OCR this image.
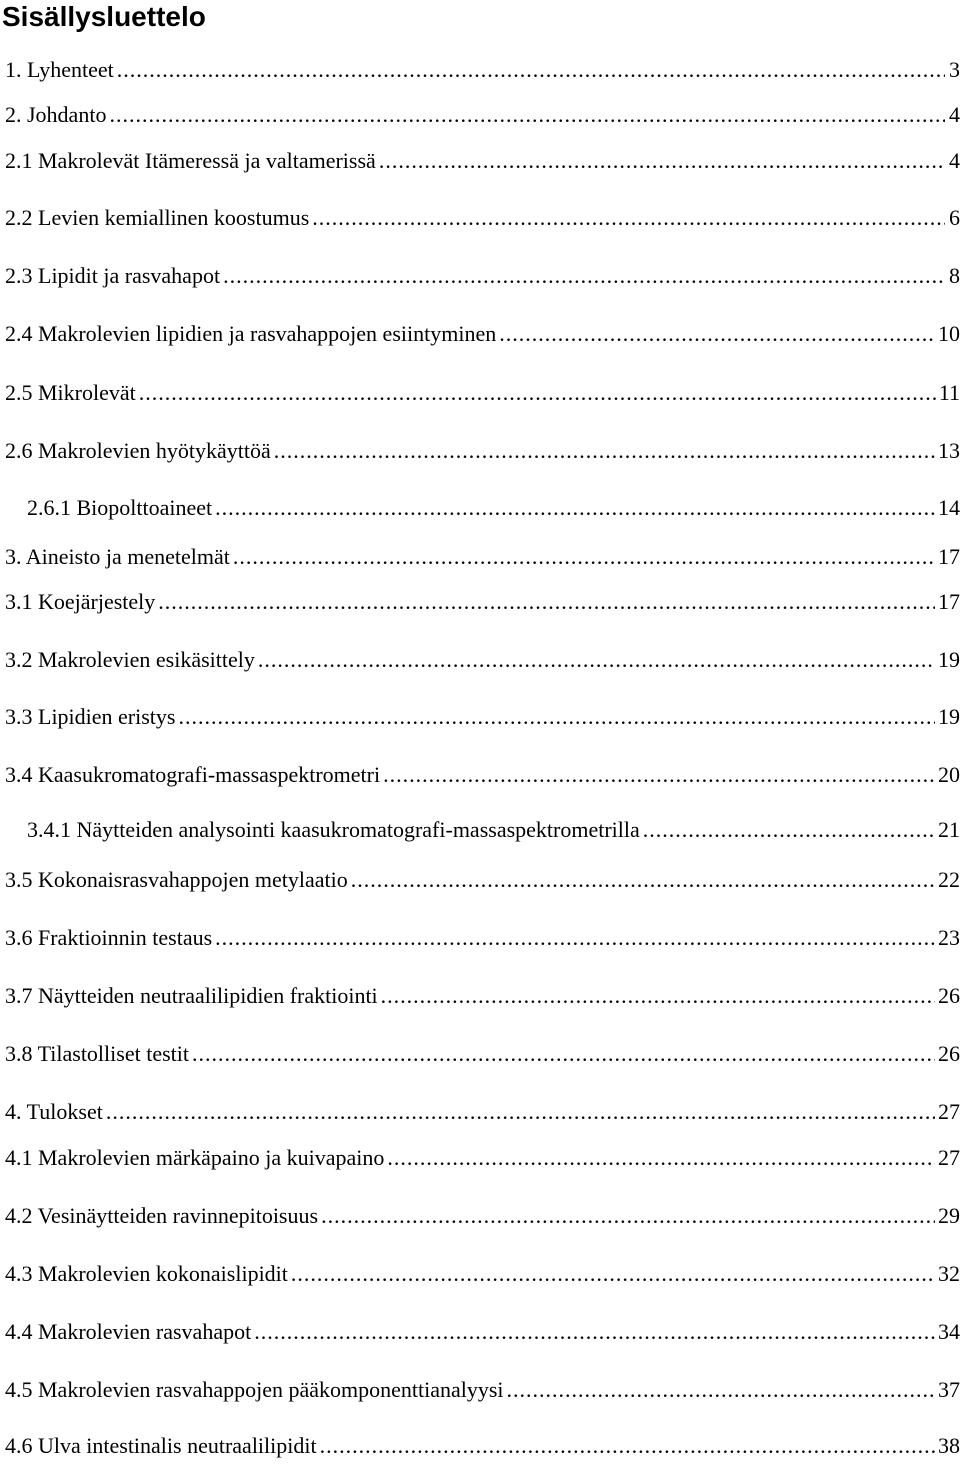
Sisällysluettelo
1. Lyhenteet .....	3
2. Johdanto .....	4
2.1 Makrolevät Itämeressä ja valtamerissä .....	4
2.2 Levien kemiallinen koostumus .....	6
2.3 Lipidit ja rasvahapot .....	8
2.4 Makrolevien lipidien ja rasvahappojen esiintyminen .....	10
2.5 Mikrolevät .....	11
2.6 Makrolevien hyötykäyttöä .....	13
2.6.1 Biopolttoaineet .....	14
3. Aineisto ja menetelmät .....	17
3.1 Koejärjestely .....	17
3.2 Makrolevien esikäsittely .....	19
3.3 Lipidien eristys .....	19
3.4 Kaasukromatografi-massaspektrometri .....	20
3.4.1 Näytteiden analysointi kaasukromatografi-massaspektrometrilla .....	21
3.5 Kokonaisrasvahappojen metylaatio .....	22
3.6 Fraktioinnin testaus .....	23
3.7 Näytteiden neutraalilipidien fraktiointi .....	26
3.8 Tilastolliset testit .....	26
4. Tulokset .....	27
4.1 Makrolevien märkäpaino ja kuivapaino .....	27
4.2 Vesinäytteiden ravinnepitoisuus .....	29
4.3 Makrolevien kokonaislipidit .....	32
4.4 Makrolevien rasvahapot .....	34
4.5 Makrolevien rasvahappojen pääkomponenttianalyysi .....	37
4.6 Ulva intestinalis neutraalilipidit .....	38
